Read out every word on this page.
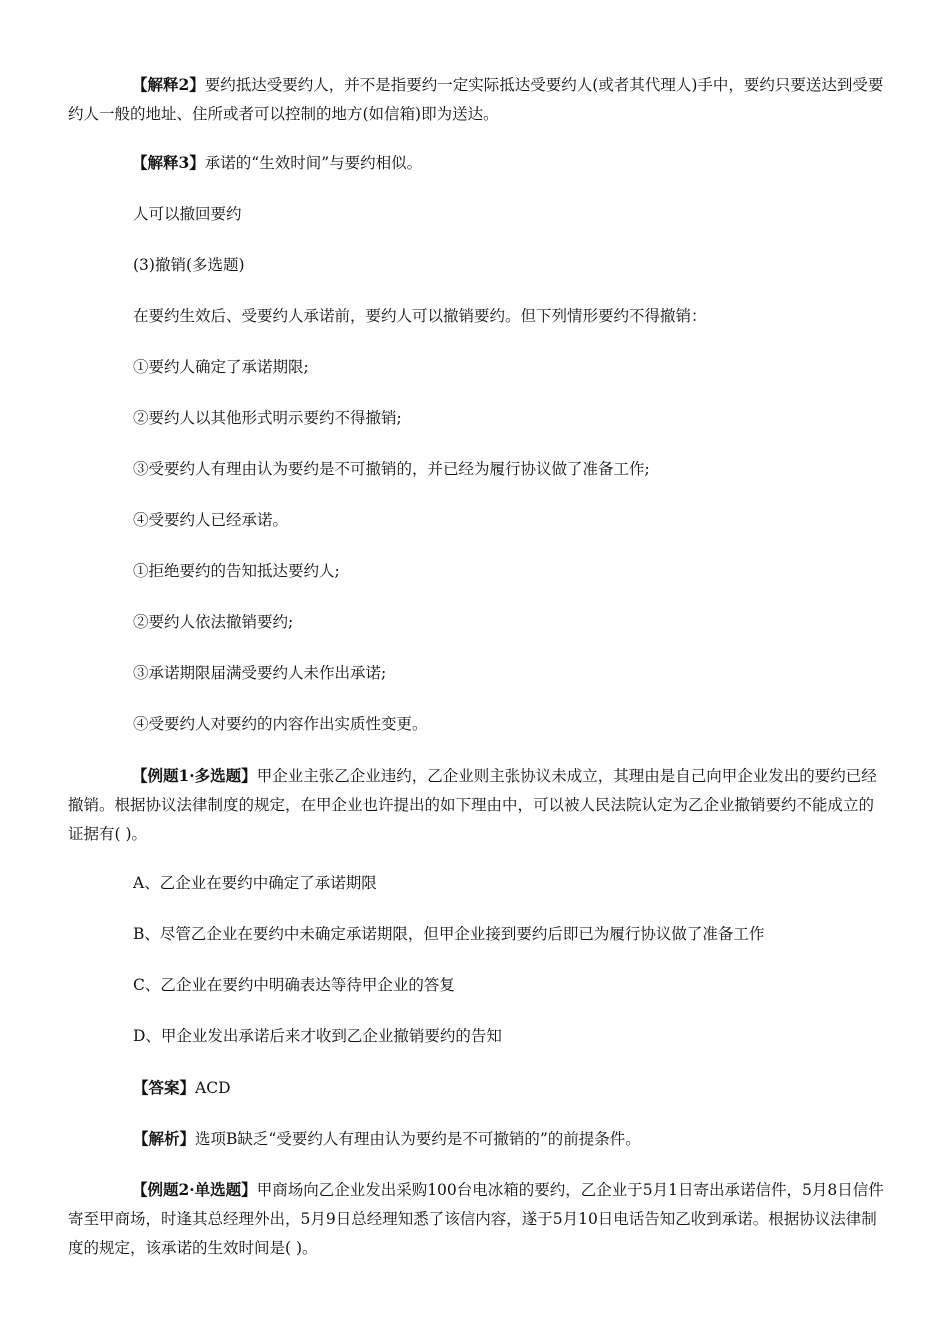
【解释2】要约抵达受要约人，并不是指要约一定实际抵达受要约人(或者其代理人)手中，要约只要送达到受要约人一般的地址、住所或者可以控制的地方(如信箱)即为送达。

【解释3】承诺的“生效时间”与要约相似。

人可以撤回要约

(3)撤销(多选题)

在要约生效后、受要约人承诺前，要约人可以撤销要约。但下列情形要约不得撤销：

①要约人确定了承诺期限;

②要约人以其他形式明示要约不得撤销;

③受要约人有理由认为要约是不可撤销的，并已经为履行协议做了准备工作;

④受要约人已经承诺。

①拒绝要约的告知抵达要约人;

②要约人依法撤销要约;

③承诺期限届满受要约人未作出承诺;

④受要约人对要约的内容作出实质性变更。

【例题1·多选题】甲企业主张乙企业违约，乙企业则主张协议未成立，其理由是自己向甲企业发出的要约已经撤销。根据协议法律制度的规定，在甲企业也许提出的如下理由中，可以被人民法院认定为乙企业撤销要约不能成立的证据有( )。

A、乙企业在要约中确定了承诺期限

B、尽管乙企业在要约中未确定承诺期限，但甲企业接到要约后即已为履行协议做了准备工作

C、乙企业在要约中明确表达等待甲企业的答复

D、甲企业发出承诺后来才收到乙企业撤销要约的告知

【答案】ACD

【解析】选项B缺乏“受要约人有理由认为要约是不可撤销的”的前提条件。

【例题2·单选题】甲商场向乙企业发出采购100台电冰箱的要约，乙企业于5月1日寄出承诺信件，5月8日信件寄至甲商场，时逢其总经理外出，5月9日总经理知悉了该信内容，遂于5月10日电话告知乙收到承诺。根据协议法律制度的规定，该承诺的生效时间是( )。
